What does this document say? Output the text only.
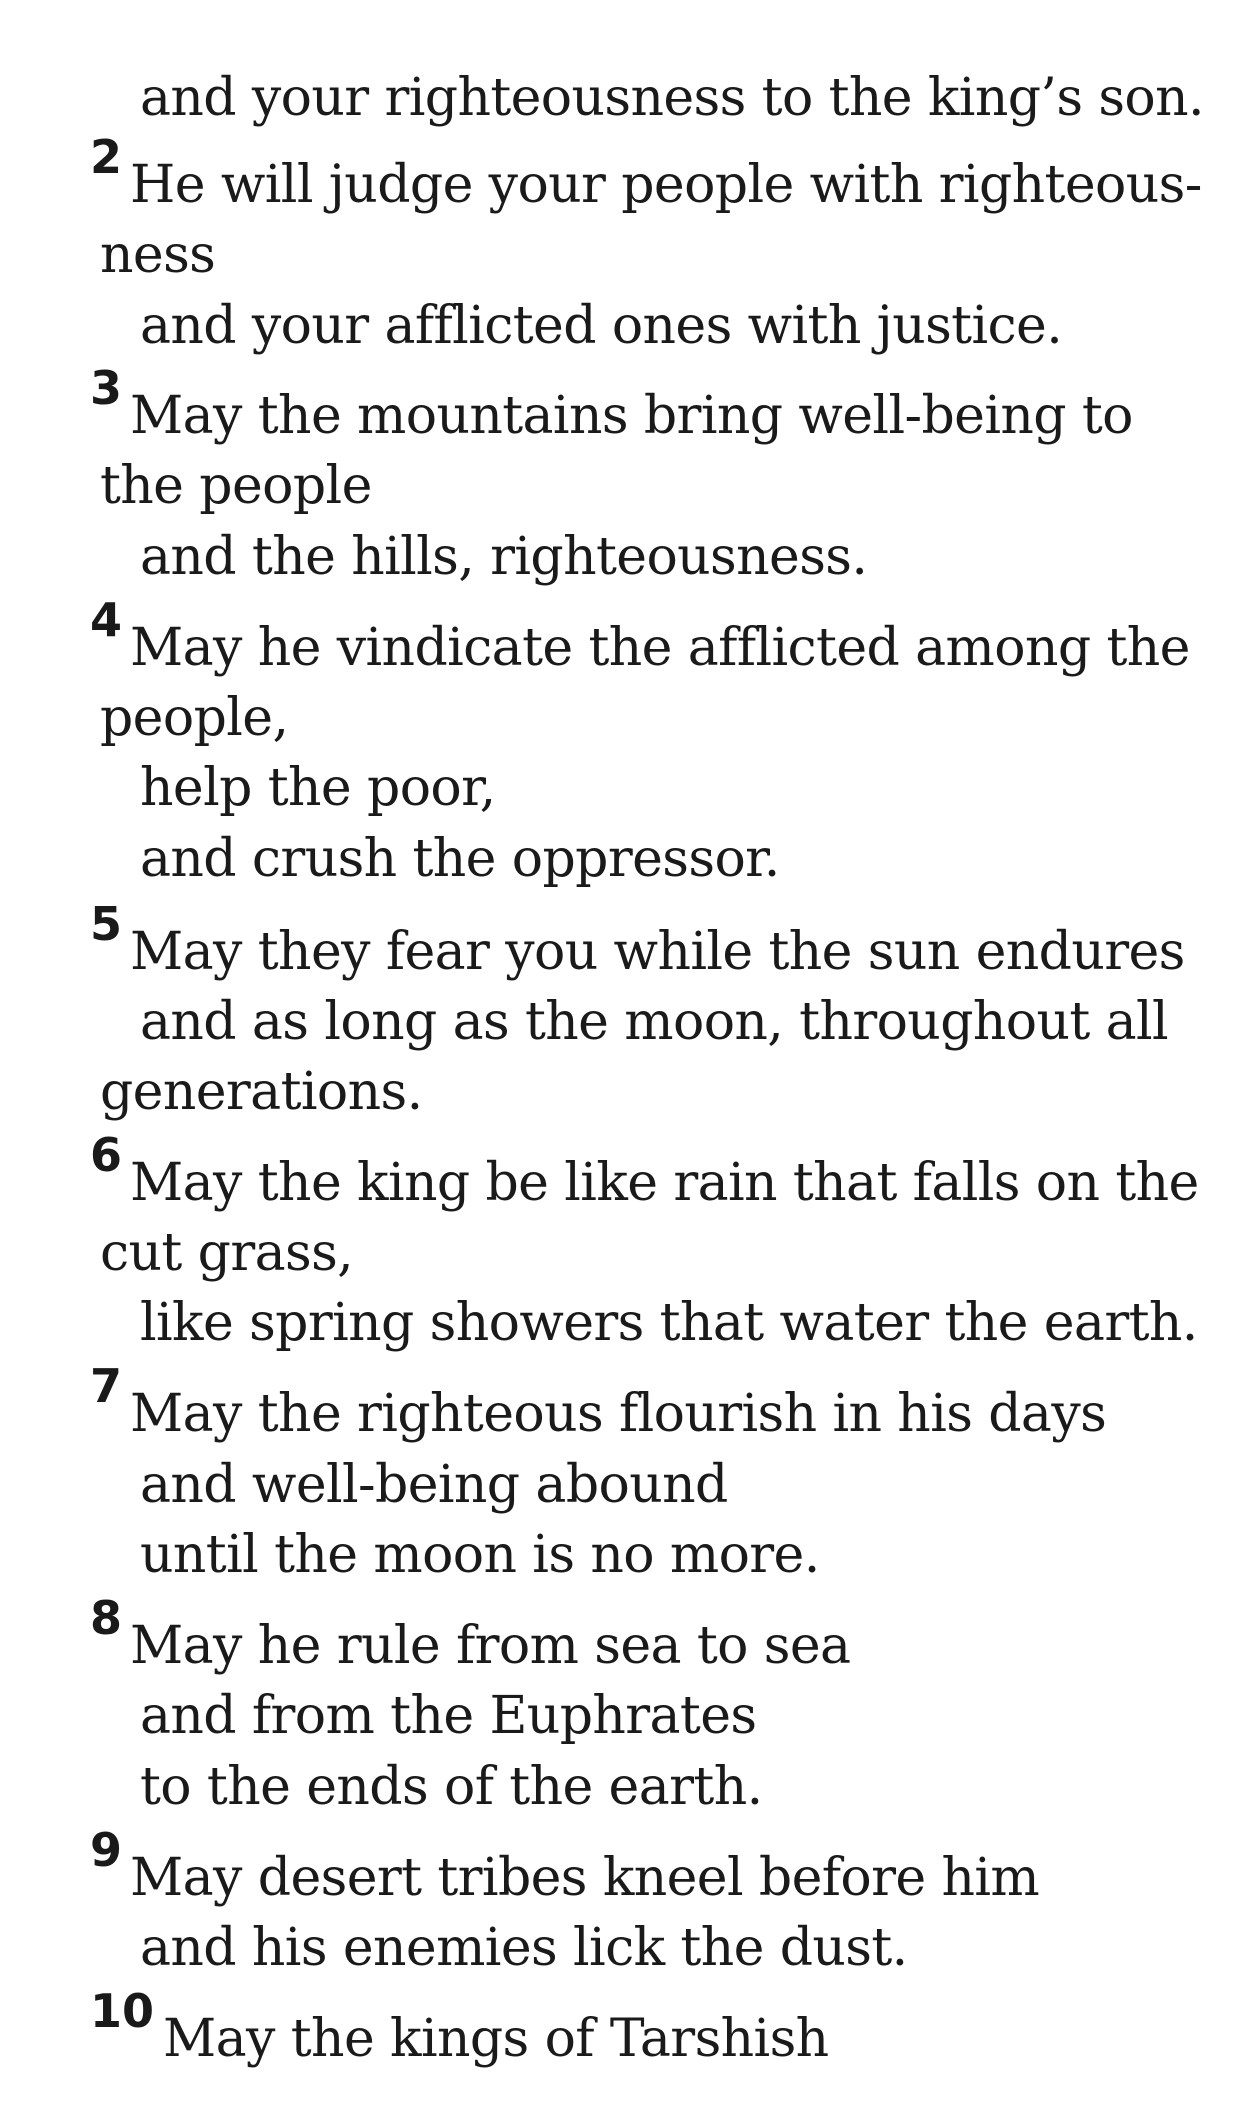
and your righteousness to the king’s son.
2 He will judge your people with righteous-
ness
and your afflicted ones with justice.
3 May the mountains bring well-being to
the people
and the hills, righteousness.
4 May he vindicate the afflicted among the
people,
help the poor,
and crush the oppressor.
5 May they fear you while the sun endures
and as long as the moon, throughout all
generations.
6 May the king be like rain that falls on the
cut grass,
like spring showers that water the earth.
7 May the righteous flourish in his days
and well-being abound
until the moon is no more.
8 May he rule from sea to sea
and from the Euphrates
to the ends of the earth.
9 May desert tribes kneel before him
and his enemies lick the dust.
10 May the kings of Tarshish
